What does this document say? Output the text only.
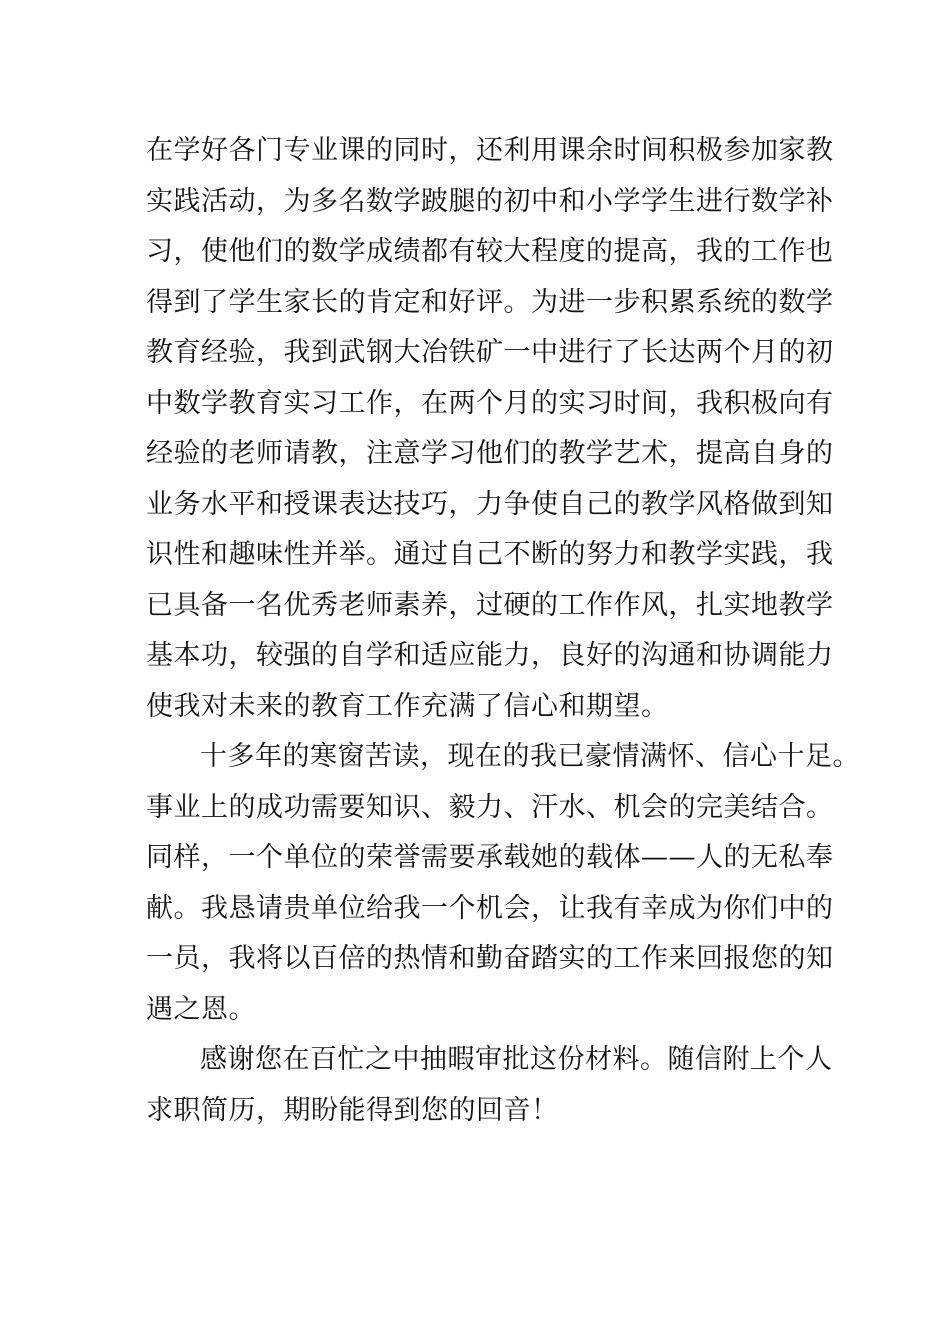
在学好各门专业课的同时，还利用课余时间积极参加家教
实践活动，为多名数学跛腿的初中和小学学生进行数学补
习，使他们的数学成绩都有较大程度的提高，我的工作也
得到了学生家长的肯定和好评。为进一步积累系统的数学
教育经验，我到武钢大冶铁矿一中进行了长达两个月的初
中数学教育实习工作，在两个月的实习时间，我积极向有
经验的老师请教，注意学习他们的教学艺术，提高自身的
业务水平和授课表达技巧，力争使自己的教学风格做到知
识性和趣味性并举。通过自己不断的努力和教学实践，我
已具备一名优秀老师素养，过硬的工作作风，扎实地教学
基本功，较强的自学和适应能力，良好的沟通和协调能力
使我对未来的教育工作充满了信心和期望。
十多年的寒窗苦读，现在的我已豪情满怀、信心十足。
事业上的成功需要知识、毅力、汗水、机会的完美结合。
同样，一个单位的荣誉需要承载她的载体——人的无私奉
献。我恳请贵单位给我一个机会，让我有幸成为你们中的
一员，我将以百倍的热情和勤奋踏实的工作来回报您的知
遇之恩。
感谢您在百忙之中抽暇审批这份材料。随信附上个人
求职简历，期盼能得到您的回音！
